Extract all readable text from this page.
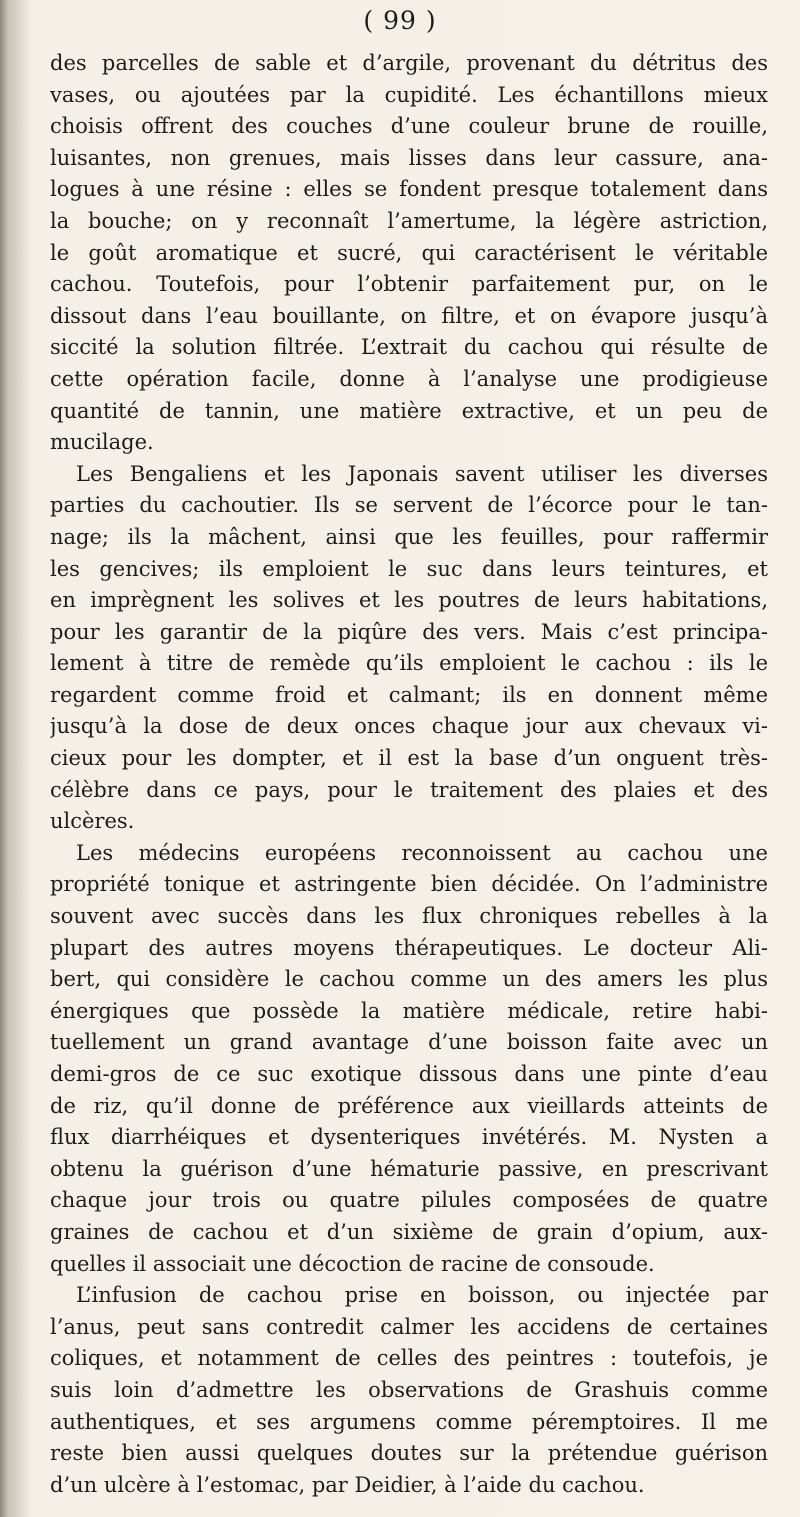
( 99 )

des parcelles de sable et d’argile, provenant du détritus des
vases, ou ajoutées par la cupidité. Les échantillons mieux
choisis offrent des couches d’une couleur brune de rouille,
luisantes, non grenues, mais lisses dans leur cassure, ana-
logues à une résine : elles se fondent presque totalement dans
la bouche; on y reconnaît l’amertume, la légère astriction,
le goût aromatique et sucré, qui caractérisent le véritable
cachou. Toutefois, pour l’obtenir parfaitement pur, on le
dissout dans l’eau bouillante, on filtre, et on évapore jusqu’à
siccité la solution filtrée. L’extrait du cachou qui résulte de
cette opération facile, donne à l’analyse une prodigieuse
quantité de tannin, une matière extractive, et un peu de
mucilage.
Les Bengaliens et les Japonais savent utiliser les diverses
parties du cachoutier. Ils se servent de l’écorce pour le tan-
nage; ils la mâchent, ainsi que les feuilles, pour raffermir
les gencives; ils emploient le suc dans leurs teintures, et
en imprègnent les solives et les poutres de leurs habitations,
pour les garantir de la piqûre des vers. Mais c’est principa-
lement à titre de remède qu’ils emploient le cachou : ils le
regardent comme froid et calmant; ils en donnent même
jusqu’à la dose de deux onces chaque jour aux chevaux vi-
cieux pour les dompter, et il est la base d’un onguent très-
célèbre dans ce pays, pour le traitement des plaies et des
ulcères.
Les médecins européens reconnoissent au cachou une
propriété tonique et astringente bien décidée. On l’administre
souvent avec succès dans les flux chroniques rebelles à la
plupart des autres moyens thérapeutiques. Le docteur Ali-
bert, qui considère le cachou comme un des amers les plus
énergiques que possède la matière médicale, retire habi-
tuellement un grand avantage d’une boisson faite avec un
demi-gros de ce suc exotique dissous dans une pinte d’eau
de riz, qu’il donne de préférence aux vieillards atteints de
flux diarrhéiques et dysenteriques invétérés. M. Nysten a
obtenu la guérison d’une hématurie passive, en prescrivant
chaque jour trois ou quatre pilules composées de quatre
graines de cachou et d’un sixième de grain d’opium, aux-
quelles il associait une décoction de racine de consoude.
L’infusion de cachou prise en boisson, ou injectée par
l’anus, peut sans contredit calmer les accidens de certaines
coliques, et notamment de celles des peintres : toutefois, je
suis loin d’admettre les observations de Grashuis comme
authentiques, et ses argumens comme péremptoires. Il me
reste bien aussi quelques doutes sur la prétendue guérison
d’un ulcère à l’estomac, par Deidier, à l’aide du cachou.
